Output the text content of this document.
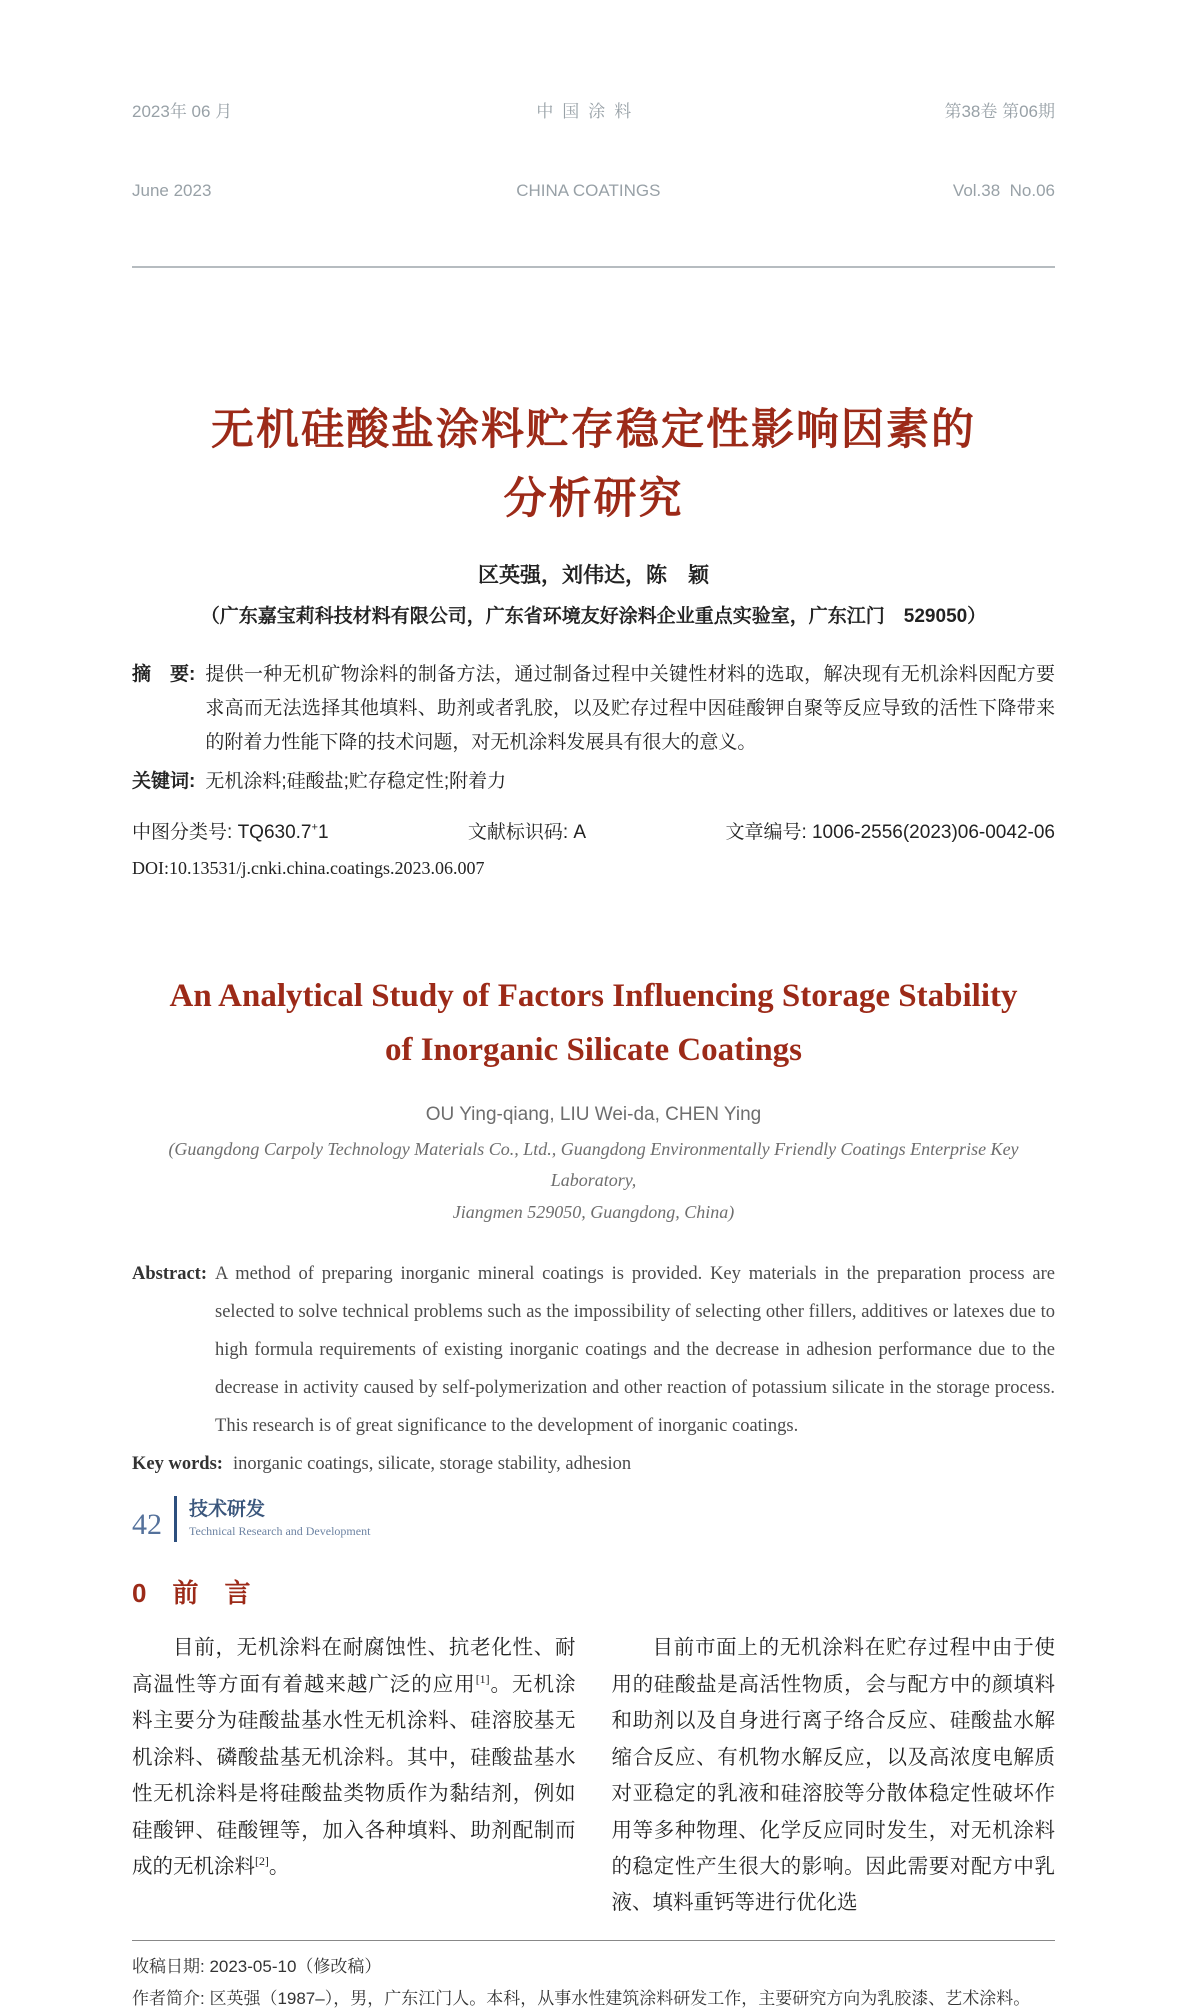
2023年 06 月

June 2023

中国涂料

CHINA COATINGS

第38卷 第06期

Vol.38  No.06

无机硅酸盐涂料贮存稳定性影响因素的
分析研究
区英强，刘伟达，陈　颖
（广东嘉宝莉科技材料有限公司，广东省环境友好涂料企业重点实验室，广东江门　529050）
摘　要: 提供一种无机矿物涂料的制备方法，通过制备过程中关键性材料的选取，解决现有无机涂料因配方要求高而无法选择其他填料、助剂或者乳胶，以及贮存过程中因硅酸钾自聚等反应导致的活性下降带来的附着力性能下降的技术问题，对无机涂料发展具有很大的意义。
关键词: 无机涂料;硅酸盐;贮存稳定性;附着力
中图分类号: TQ630.7+1	文献标识码: A	文章编号: 1006-2556(2023)06-0042-06
DOI:10.13531/j.cnki.china.coatings.2023.06.007
An Analytical Study of Factors Influencing Storage Stability
of Inorganic Silicate Coatings
OU Ying-qiang, LIU Wei-da, CHEN Ying
(Guangdong Carpoly Technology Materials Co., Ltd., Guangdong Environmentally Friendly Coatings Enterprise Key Laboratory,
Jiangmen 529050, Guangdong, China)
Abstract: A method of preparing inorganic mineral coatings is provided. Key materials in the preparation process are selected to solve technical problems such as the impossibility of selecting other fillers, additives or latexes due to high formula requirements of existing inorganic coatings and the decrease in adhesion performance due to the decrease in activity caused by self-polymerization and other reaction of potassium silicate in the storage process. This research is of great significance to the development of inorganic coatings.
Key words: inorganic coatings, silicate, storage stability, adhesion
0　前　言

目前，无机涂料在耐腐蚀性、抗老化性、耐高温性等方面有着越来越广泛的应用[1]。无机涂料主要分为硅酸盐基水性无机涂料、硅溶胶基无机涂料、磷酸盐基无机涂料。其中，硅酸盐基水性无机涂料是将硅酸盐类物质作为黏结剂，例如硅酸钾、硅酸锂等，加入各种填料、助剂配制而成的无机涂料[2]。

目前市面上的无机涂料在贮存过程中由于使用的硅酸盐是高活性物质，会与配方中的颜填料和助剂以及自身进行离子络合反应、硅酸盐水解缩合反应、有机物水解反应，以及高浓度电解质对亚稳定的乳液和硅溶胶等分散体稳定性破坏作用等多种物理、化学反应同时发生，对无机涂料的稳定性产生很大的影响。因此需要对配方中乳液、填料重钙等进行优化选

收稿日期: 2023-05-10（修改稿）
作者简介: 区英强（1987–），男，广东江门人。本科，从事水性建筑涂料研发工作，主要研究方向为乳胶漆、艺术涂料。
42	技术研发
Technical Research and Development
